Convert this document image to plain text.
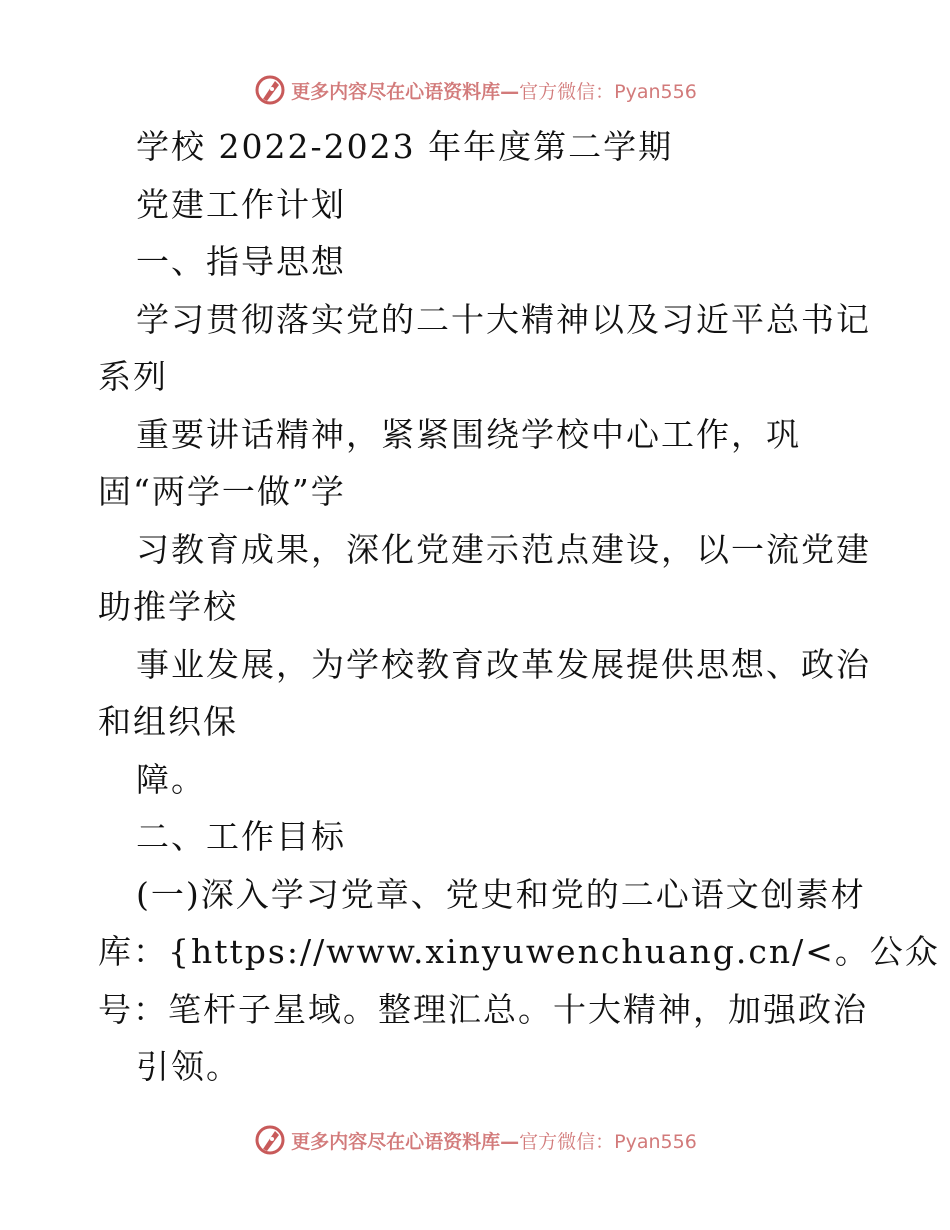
更多内容尽在心语资料库— 官方微信：Pyan556
学校 2022-2023 年年度第二学期
党建工作计划
一、指导思想
学习贯彻落实党的二十大精神以及习近平总书记
系列
重要讲话精神，紧紧围绕学校中心工作，巩
固“两学一做”学
习教育成果，深化党建示范点建设，以一流党建
助推学校
事业发展，为学校教育改革发展提供思想、政治
和组织保
障。
二、工作目标
(一)深入学习党章、党史和党的二心语文创素材
库：{https://www.xinyuwenchuang.cn/<。公众
号：笔杆子星域。整理汇总。十大精神，加强政治
引领。
更多内容尽在心语资料库— 官方微信：Pyan556
